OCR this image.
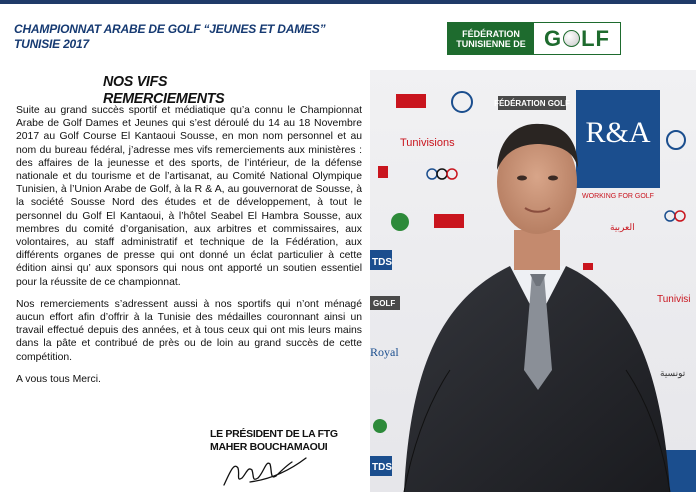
CHAMPIONNAT ARABE DE GOLF “JEUNES ET DAMES”
TUNISIE 2017
FÉDÉRATION
TUNISIENNE DE G LF
NOS VIFS REMERCIEMENTS

Suite au grand succès sportif et médiatique qu’a connu le Championnat Arabe de Golf Dames et Jeunes qui s’est déroulé du 14 au 18 Novembre 2017 au Golf Course El Kantaoui Sousse, en mon nom personnel et au nom du bureau fédéral, j’adresse mes vifs remerciements aux ministères : des affaires de la jeunesse et des sports, de l’intérieur, de la défense nationale et du tourisme et de l’artisanat, au Comité National Olympique Tunisien, à l’Union Arabe de Golf, à la R & A, au gouvernorat de Sousse, à la société Sousse Nord des études et de développement, à tout le personnel du Golf El Kantaoui, à l’hôtel Seabel El Hambra Sousse, aux membres du comité d’organisation, aux arbitres et commissaires, aux volontaires, au staff administratif et technique de la Fédération, aux différents organes de presse qui ont donné un éclat particulier à cette édition ainsi qu’ aux sponsors qui nous ont apporté un soutien essentiel pour la réussite de ce championnat.

Nos remerciements s’adressent aussi à nos sportifs qui n’ont ménagé aucun effort afin d’offrir à la Tunisie des médailles couronnant ainsi un travail effectué depuis des années, et à tous ceux qui ont mis leurs mains dans la pâte et contribué de près ou de loin au grand succès de cette compétition.

A vous tous Merci.

LE PRÉSIDENT DE LA FTG
MAHER BOUCHAMAOUI
FÉDÉRATION GOLF
R&A
WORKING FOR GOLF
Tunivisions
العربية
TDS
GOLF	Tunivisi
Royal
تونسية
TDS
